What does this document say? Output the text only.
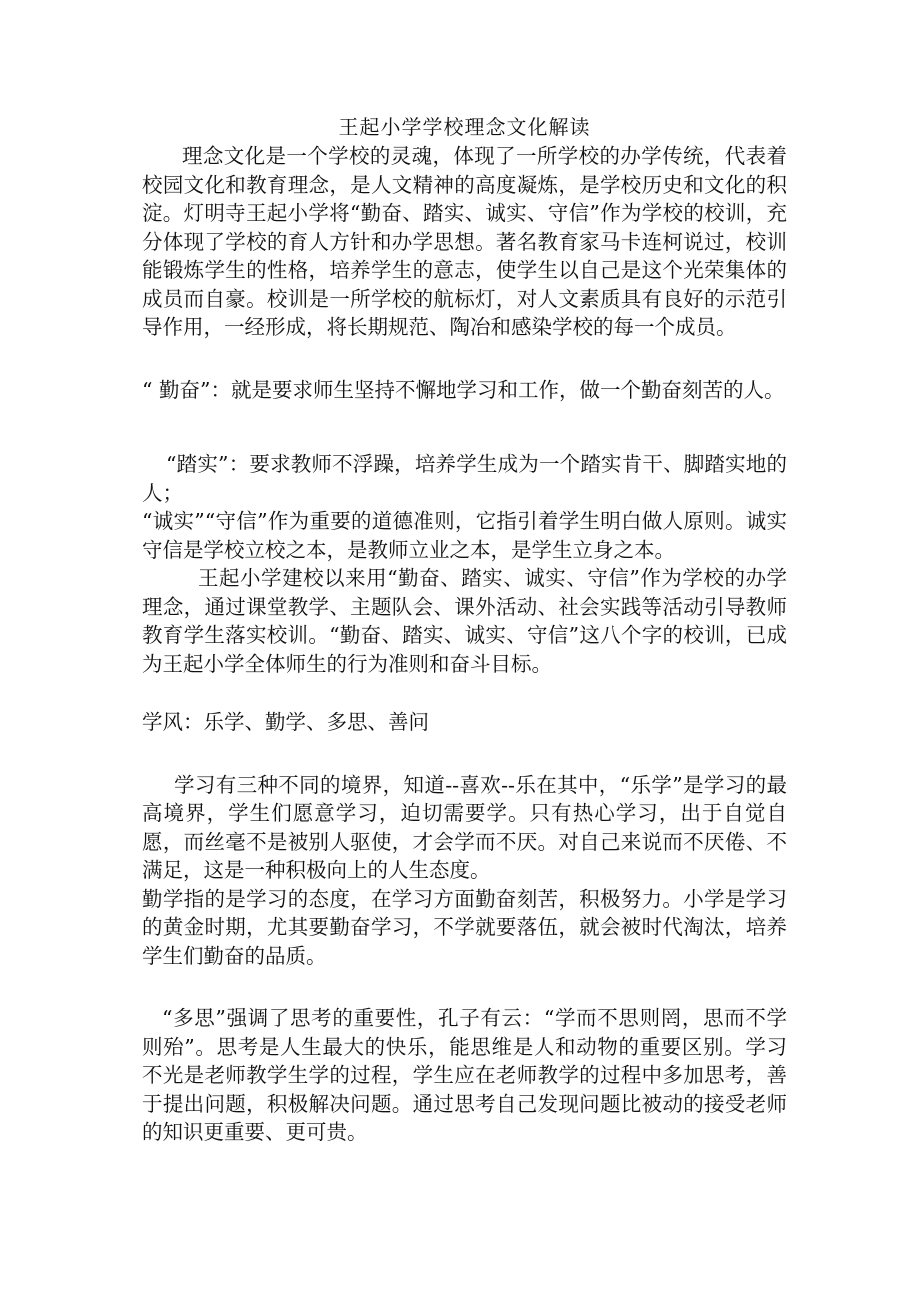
王起小学学校理念文化解读

理念文化是一个学校的灵魂，体现了一所学校的办学传统，代表着校园文化和教育理念，是人文精神的高度凝炼，是学校历史和文化的积淀。灯明寺王起小学将“勤奋、踏实、诚实、守信”作为学校的校训，充分体现了学校的育人方针和办学思想。著名教育家马卡连柯说过，校训能锻炼学生的性格，培养学生的意志，使学生以自己是这个光荣集体的成员而自豪。校训是一所学校的航标灯，对人文素质具有良好的示范引导作用，一经形成，将长期规范、陶冶和感染学校的每一个成员。

“ 勤奋”：就是要求师生坚持不懈地学习和工作，做一个勤奋刻苦的人。

“踏实”：要求教师不浮躁，培养学生成为一个踏实肯干、脚踏实地的人；

“诚实”“守信”作为重要的道德准则，它指引着学生明白做人原则。诚实守信是学校立校之本，是教师立业之本，是学生立身之本。

王起小学建校以来用“勤奋、踏实、诚实、守信”作为学校的办学理念，通过课堂教学、主题队会、课外活动、社会实践等活动引导教师教育学生落实校训。“勤奋、踏实、诚实、守信”这八个字的校训，已成为王起小学全体师生的行为准则和奋斗目标。

学风：乐学、勤学、多思、善问

学习有三种不同的境界，知道--喜欢--乐在其中，“乐学”是学习的最高境界，学生们愿意学习，迫切需要学。只有热心学习，出于自觉自愿，而丝毫不是被别人驱使，才会学而不厌。对自己来说而不厌倦、不满足，这是一种积极向上的人生态度。

勤学指的是学习的态度，在学习方面勤奋刻苦，积极努力。小学是学习的黄金时期，尤其要勤奋学习，不学就要落伍，就会被时代淘汰，培养学生们勤奋的品质。

“多思”强调了思考的重要性，孔子有云：“学而不思则罔，思而不学则殆”。思考是人生最大的快乐，能思维是人和动物的重要区别。学习不光是老师教学生学的过程，学生应在老师教学的过程中多加思考，善于提出问题，积极解决问题。通过思考自己发现问题比被动的接受老师的知识更重要、更可贵。
